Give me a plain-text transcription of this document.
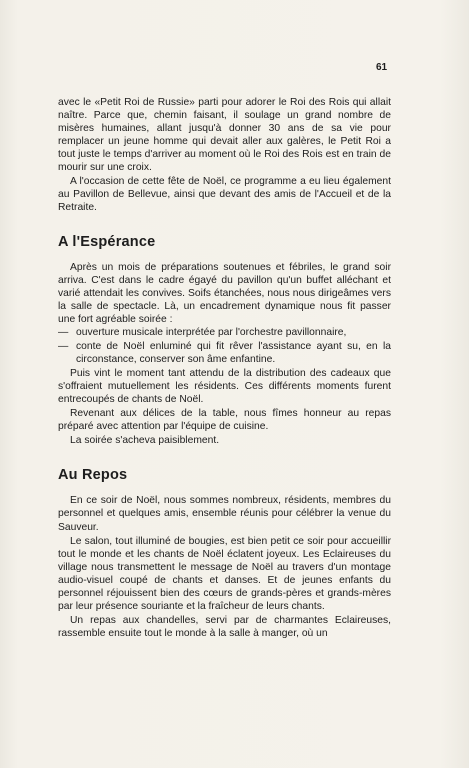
61

avec le «Petit Roi de Russie» parti pour adorer le Roi des Rois qui allait naître. Parce que, chemin faisant, il soulage un grand nombre de misères humaines, allant jusqu'à donner 30 ans de sa vie pour remplacer un jeune homme qui devait aller aux galères, le Petit Roi a tout juste le temps d'arriver au moment où le Roi des Rois est en train de mourir sur une croix.

A l'occasion de cette fête de Noël, ce programme a eu lieu également au Pavillon de Bellevue, ainsi que devant des amis de l'Accueil et de la Retraite.

A l'Espérance

Après un mois de préparations soutenues et fébriles, le grand soir arriva. C'est dans le cadre égayé du pavillon qu'un buffet alléchant et varié attendait les convives. Soifs étanchées, nous nous dirigeâmes vers la salle de spectacle. Là, un encadrement dynamique nous fit passer une fort agréable soirée :

— ouverture musicale interprétée par l'orchestre pavillonnaire,
— conte de Noël enluminé qui fit rêver l'assistance ayant su, en la circonstance, conserver son âme enfantine.

Puis vint le moment tant attendu de la distribution des cadeaux que s'offraient mutuellement les résidents. Ces différents moments furent entrecoupés de chants de Noël.

Revenant aux délices de la table, nous fîmes honneur au repas préparé avec attention par l'équipe de cuisine.

La soirée s'acheva paisiblement.

Au Repos

En ce soir de Noël, nous sommes nombreux, résidents, membres du personnel et quelques amis, ensemble réunis pour célébrer la venue du Sauveur.

Le salon, tout illuminé de bougies, est bien petit ce soir pour accueillir tout le monde et les chants de Noël éclatent joyeux. Les Eclaireuses du village nous transmettent le message de Noël au travers d'un montage audio-visuel coupé de chants et danses. Et de jeunes enfants du personnel réjouissent bien des cœurs de grands-pères et grands-mères par leur présence souriante et la fraîcheur de leurs chants.

Un repas aux chandelles, servi par de charmantes Eclaireuses, rassemble ensuite tout le monde à la salle à manger, où un
